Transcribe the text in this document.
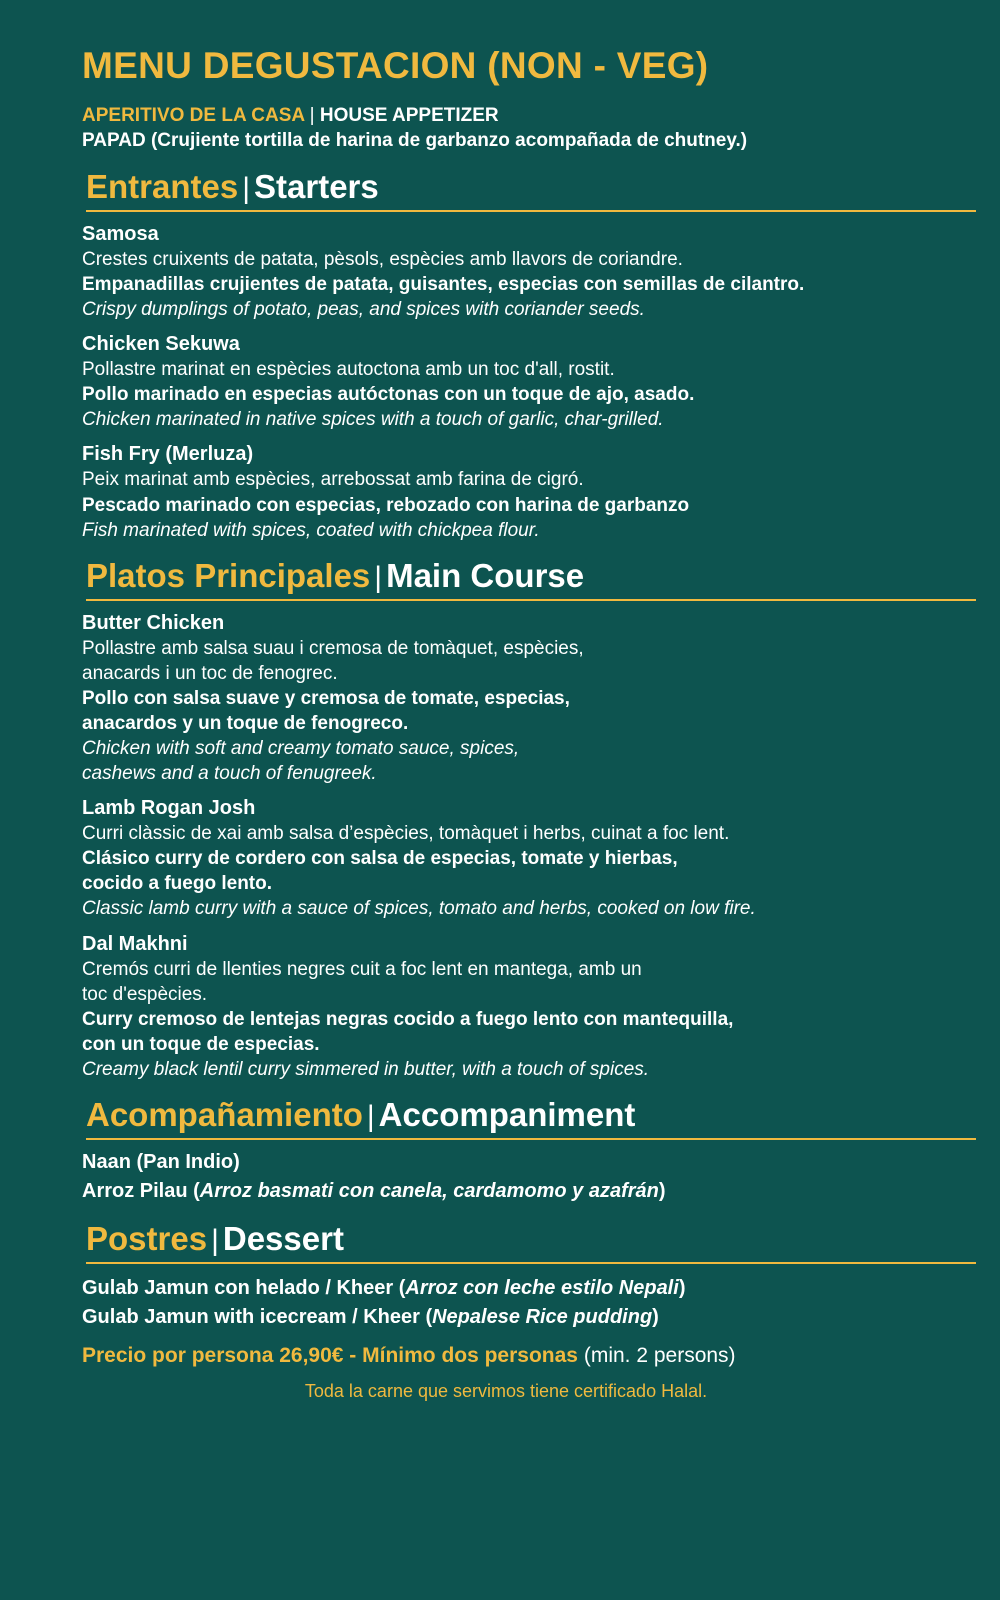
MENU DEGUSTACION (NON - VEG)

APERITIVO DE LA CASA | HOUSE APPETIZER

PAPAD (Crujiente tortilla de harina de garbanzo acompañada de chutney.)

Entrantes | Starters
Samosa
Crestes cruixents de patata, pèsols, espècies amb llavors de coriandre.
Empanadillas crujientes de patata, guisantes, especias con semillas de cilantro.
Crispy dumplings of potato, peas, and spices with coriander seeds.
Chicken Sekuwa
Pollastre marinat en espècies autoctona amb un toc d'all, rostit.
Pollo marinado en especias autóctonas con un toque de ajo, asado.
Chicken marinated in native spices with a touch of garlic, char-grilled.
Fish Fry (Merluza)
Peix marinat amb espècies, arrebossat amb farina de cigró.
Pescado marinado con especias, rebozado con harina de garbanzo
Fish marinated with spices, coated with chickpea flour.
Platos Principales | Main Course
Butter Chicken
Pollastre amb salsa suau i cremosa de tomàquet, espècies,
anacards i un toc de fenogrec.
Pollo con salsa suave y cremosa de tomate, especias,
anacardos y un toque de fenogreco.
Chicken with soft and creamy tomato sauce, spices,
cashews and a touch of fenugreek.
Lamb Rogan Josh
Curri clàssic de xai amb salsa d’espècies, tomàquet i herbs, cuinat a foc lent.
Clásico curry de cordero con salsa de especias, tomate y hierbas,
cocido a fuego lento.
Classic lamb curry with a sauce of spices, tomato and herbs, cooked on low fire.
Dal Makhni
Cremós curri de llenties negres cuit a foc lent en mantega, amb un
toc d'espècies.
Curry cremoso de lentejas negras cocido a fuego lento con mantequilla,
con un toque de especias.
Creamy black lentil curry simmered in butter, with a touch of spices.
Acompañamiento | Accompaniment
Naan (Pan Indio)
Arroz Pilau (Arroz basmati con canela, cardamomo y azafrán)
Postres | Dessert
Gulab Jamun con helado / Kheer (Arroz con leche estilo Nepali)
Gulab Jamun with icecream / Kheer (Nepalese Rice pudding)
Precio por persona 26,90€ - Mínimo dos personas (min. 2 persons)
Toda la carne que servimos tiene certificado Halal.
